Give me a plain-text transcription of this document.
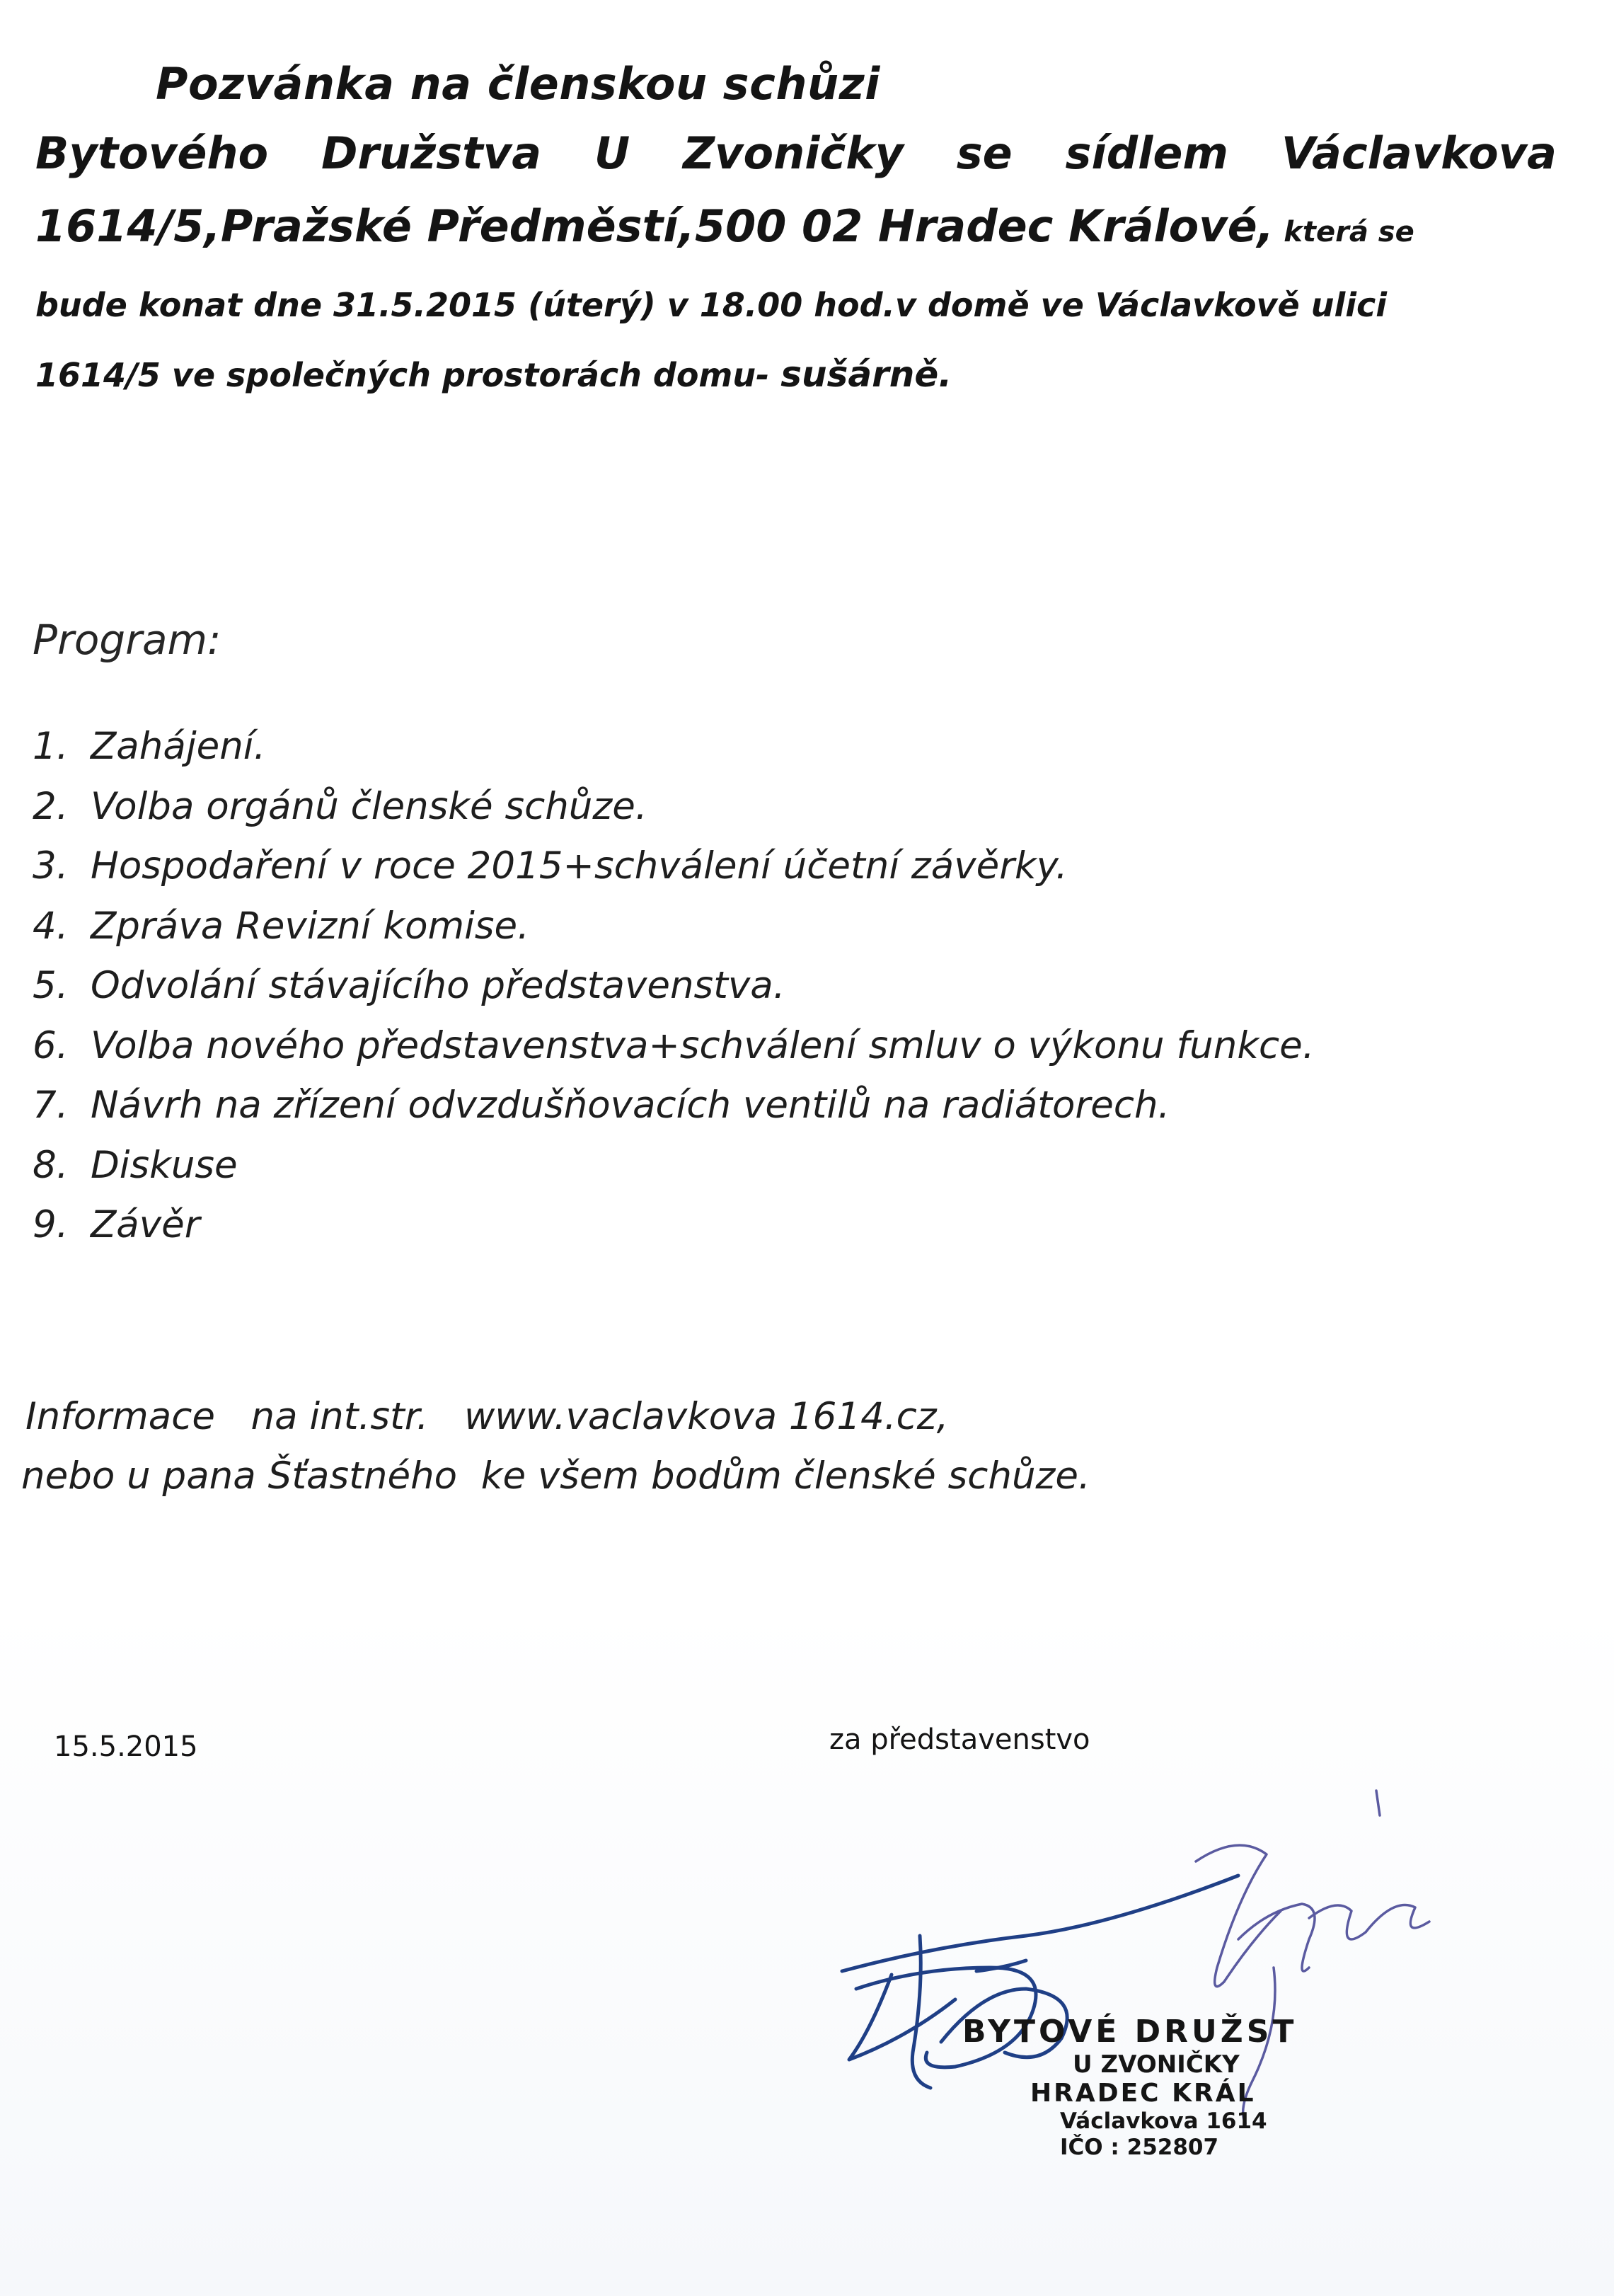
Pozvánka na členskou schůzi
Bytového Družstva U Zvoničky se sídlem Václavkova
1614/5,Pražské Předměstí,500 02 Hradec Králové, která se
bude konat dne 31.5.2015 (úterý) v 18.00 hod.v domě ve Václavkově ulici
1614/5 ve společných prostorách domu- sušárně.
Program:
1. Zahájení.
2. Volba orgánů členské schůze.
3. Hospodaření v roce 2015+schválení účetní závěrky.
4. Zpráva Revizní komise.
5. Odvolání stávajícího představenstva.
6. Volba nového představenstva+schválení smluv o výkonu funkce.
7. Návrh na zřízení odvzdušňovacích ventilů na radiátorech.
8. Diskuse
9. Závěr
Informace   na int.str.   www.vaclavkova 1614.cz,
nebo u pana Šťastného  ke všem bodům členské schůze.
15.5.2015	za představenstvo
BYTOVÉ DRUŽST
U ZVONIČKY
HRADEC KRÁL
Václavkova 1614
IČO : 252807
